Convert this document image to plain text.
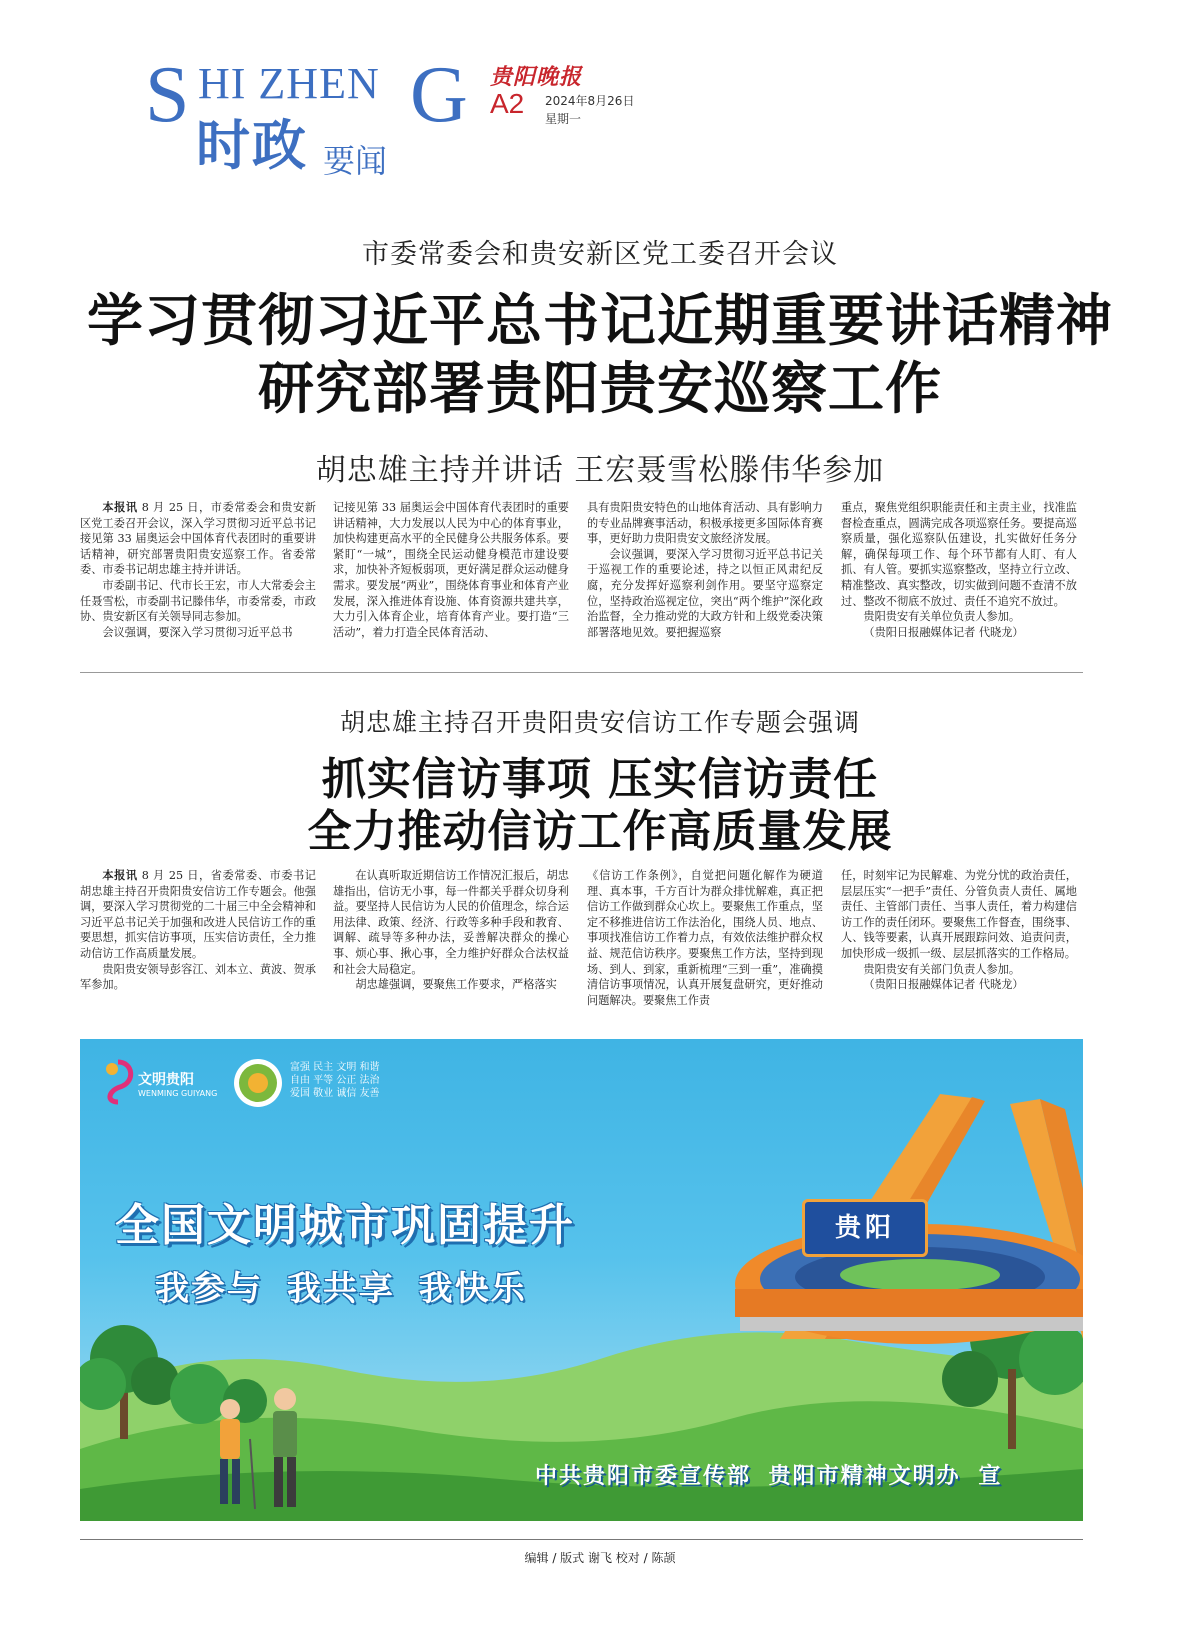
S HI ZHEN G
时政 要闻
贵阳晚报
A2 2024年8月26日
星期一
市委常委会和贵安新区党工委召开会议
学习贯彻习近平总书记近期重要讲话精神
研究部署贵阳贵安巡察工作
胡忠雄主持并讲话 王宏聂雪松滕伟华参加

本报讯 8 月 25 日，市委常委会和贵安新区党工委召开会议，深入学习贯彻习近平总书记接见第 33 届奥运会中国体育代表团时的重要讲话精神，研究部署贵阳贵安巡察工作。省委常委、市委书记胡忠雄主持并讲话。

市委副书记、代市长王宏，市人大常委会主任聂雪松，市委副书记滕伟华，市委常委，市政协、贵安新区有关领导同志参加。

会议强调，要深入学习贯彻习近平总书

记接见第 33 届奥运会中国体育代表团时的重要讲话精神，大力发展以人民为中心的体育事业，加快构建更高水平的全民健身公共服务体系。要紧盯“一城”，围绕全民运动健身模范市建设要求，加快补齐短板弱项，更好满足群众运动健身需求。要发展“两业”，围绕体育事业和体育产业发展，深入推进体育设施、体育资源共建共享，大力引入体育企业，培育体育产业。要打造“三活动”，着力打造全民体育活动、

具有贵阳贵安特色的山地体育活动、具有影响力的专业品牌赛事活动，积极承接更多国际体育赛事，更好助力贵阳贵安文旅经济发展。

会议强调，要深入学习贯彻习近平总书记关于巡视工作的重要论述，持之以恒正风肃纪反腐，充分发挥好巡察利剑作用。要坚守巡察定位，坚持政治巡视定位，突出“两个维护”深化政治监督，全力推动党的大政方针和上级党委决策部署落地见效。要把握巡察

重点，聚焦党组织职能责任和主责主业，找准监督检查重点，圆满完成各项巡察任务。要提高巡察质量，强化巡察队伍建设，扎实做好任务分解，确保每项工作、每个环节都有人盯、有人抓、有人管。要抓实巡察整改，坚持立行立改、精准整改、真实整改，切实做到问题不查清不放过、整改不彻底不放过、责任不追究不放过。

贵阳贵安有关单位负责人参加。

（贵阳日报融媒体记者 代晓龙）

胡忠雄主持召开贵阳贵安信访工作专题会强调
抓实信访事项 压实信访责任
全力推动信访工作高质量发展

本报讯 8 月 25 日，省委常委、市委书记胡忠雄主持召开贵阳贵安信访工作专题会。他强调，要深入学习贯彻党的二十届三中全会精神和习近平总书记关于加强和改进人民信访工作的重要思想，抓实信访事项，压实信访责任，全力推动信访工作高质量发展。

贵阳贵安领导彭容江、刘本立、黄波、贺承军参加。

在认真听取近期信访工作情况汇报后，胡忠雄指出，信访无小事，每一件都关乎群众切身利益。要坚持人民信访为人民的价值理念，综合运用法律、政策、经济、行政等多种手段和教育、调解、疏导等多种办法，妥善解决群众的操心事、烦心事、揪心事，全力维护好群众合法权益和社会大局稳定。

胡忠雄强调，要聚焦工作要求，严格落实

《信访工作条例》，自觉把问题化解作为硬道理、真本事，千方百计为群众排忧解难，真正把信访工作做到群众心坎上。要聚焦工作重点，坚定不移推进信访工作法治化，围绕人员、地点、事项找准信访工作着力点，有效依法维护群众权益、规范信访秩序。要聚焦工作方法，坚持到现场、到人、到家，重新梳理“三到一重”，准确摸清信访事项情况，认真开展复盘研究，更好推动问题解决。要聚焦工作责

任，时刻牢记为民解难、为党分忧的政治责任，层层压实“一把手”责任、分管负责人责任、属地责任、主管部门责任、当事人责任，着力构建信访工作的责任闭环。要聚焦工作督查，围绕事、人、钱等要素，认真开展跟踪问效、追责问责，加快形成一级抓一级、层层抓落实的工作格局。

贵阳贵安有关部门负责人参加。

（贵阳日报融媒体记者 代晓龙）

文明贵阳
WENMING GUIYANG
富强 民主 文明 和谐
自由 平等 公正 法治
爱国 敬业 诚信 友善
全国文明城市巩固提升
我参与 我共享 我快乐
贵阳
中共贵阳市委宣传部 贵阳市精神文明办 宣
编辑 / 版式 谢飞 校对 / 陈颉
